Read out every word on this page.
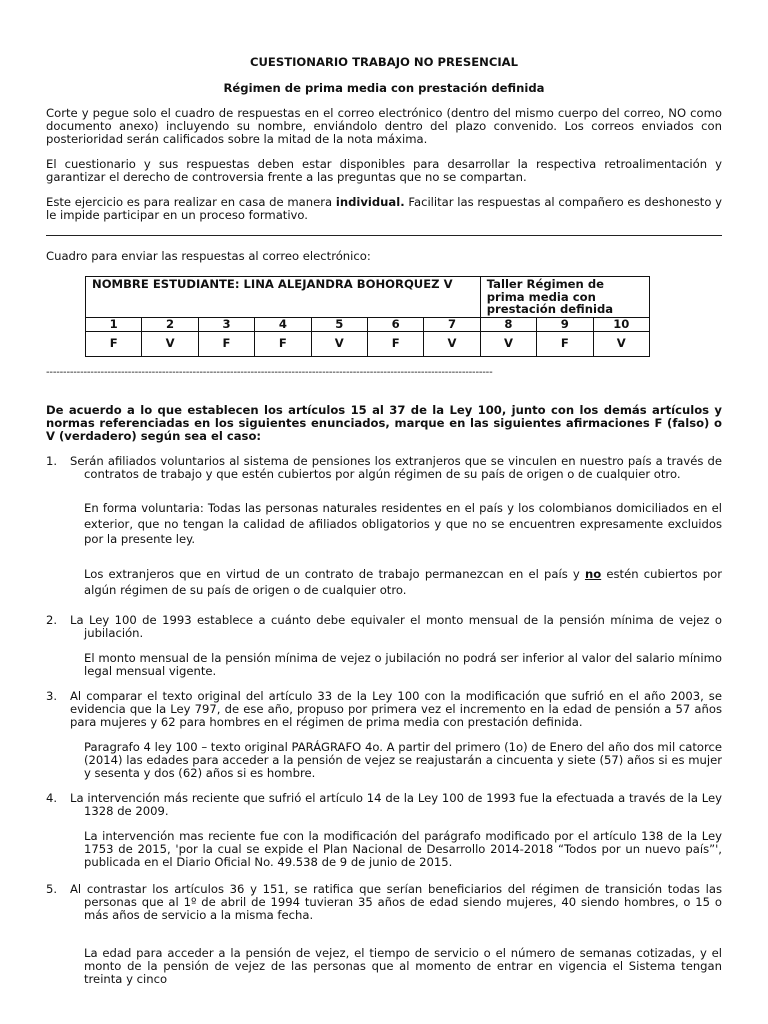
CUESTIONARIO TRABAJO NO PRESENCIAL

Régimen de prima media con prestación definida

Corte y pegue solo el cuadro de respuestas en el correo electrónico (dentro del mismo cuerpo del correo, NO como documento anexo) incluyendo su nombre, enviándolo dentro del plazo convenido. Los correos enviados con posterioridad serán calificados sobre la mitad de la nota máxima.

El cuestionario y sus respuestas deben estar disponibles para desarrollar la respectiva retroalimentación y garantizar el derecho de controversia frente a las preguntas que no se compartan.

Este ejercicio es para realizar en casa de manera individual. Facilitar las respuestas al compañero es deshonesto y le impide participar en un proceso formativo.

Cuadro para enviar las respuestas al correo electrónico:

NOMBRE ESTUDIANTE: LINA ALEJANDRA BOHORQUEZ V							Taller Régimen de prima media con prestación definida		
1	2	3	4	5	6	7	8	9	10
F	V	F	F	V	F	V	V	F	V
-----------------------------------------------------------------------------------------------------------------------------------

De acuerdo a lo que establecen los artículos 15 al 37 de la Ley 100, junto con los demás artículos y normas referenciadas en los siguientes enunciados, marque en las siguientes afirmaciones F (falso) o V (verdadero) según sea el caso:

1.	Serán afiliados voluntarios al sistema de pensiones los extranjeros que se vinculen en nuestro país a través de contratos de trabajo y que estén cubiertos por algún régimen de su país de origen o de cualquier otro.

En forma voluntaria: Todas las personas naturales residentes en el país y los colombianos domiciliados en el exterior, que no tengan la calidad de afiliados obligatorios y que no se encuentren expresamente excluidos por la presente ley.

Los extranjeros que en virtud de un contrato de trabajo permanezcan en el país y no estén cubiertos por algún régimen de su país de origen o de cualquier otro.

2.	La Ley 100 de 1993 establece a cuánto debe equivaler el monto mensual de la pensión mínima de vejez o jubilación.

El monto mensual de la pensión mínima de vejez o jubilación no podrá ser inferior al valor del salario mínimo legal mensual vigente.

3.	Al comparar el texto original del artículo 33 de la Ley 100 con la modificación que sufrió en el año 2003, se evidencia que la Ley 797, de ese año, propuso por primera vez el incremento en la edad de pensión a 57 años para mujeres y 62 para hombres en el régimen de prima media con prestación definida.

Paragrafo 4 ley 100 – texto original PARÁGRAFO 4o. A partir del primero (1o) de Enero del año dos mil catorce (2014) las edades para acceder a la pensión de vejez se reajustarán a cincuenta y siete (57) años si es mujer y sesenta y dos (62) años si es hombre.

4.	La intervención más reciente que sufrió el artículo 14 de la Ley 100 de 1993 fue la efectuada a través de la Ley 1328 de 2009.

La intervención mas reciente fue con la modificación del parágrafo modificado por el artículo 138 de la Ley 1753 de 2015, 'por la cual se expide el Plan Nacional de Desarrollo 2014-2018 “Todos por un nuevo país”', publicada en el Diario Oficial No. 49.538 de 9 de junio de 2015.

5.	Al contrastar los artículos 36 y 151, se ratifica que serían beneficiarios del régimen de transición todas las personas que al 1º de abril de 1994 tuvieran 35 años de edad siendo mujeres, 40 siendo hombres, o 15 o más años de servicio a la misma fecha.

La edad para acceder a la pensión de vejez, el tiempo de servicio o el número de semanas cotizadas, y el monto de la pensión de vejez de las personas que al momento de entrar en vigencia el Sistema tengan treinta y cinco
